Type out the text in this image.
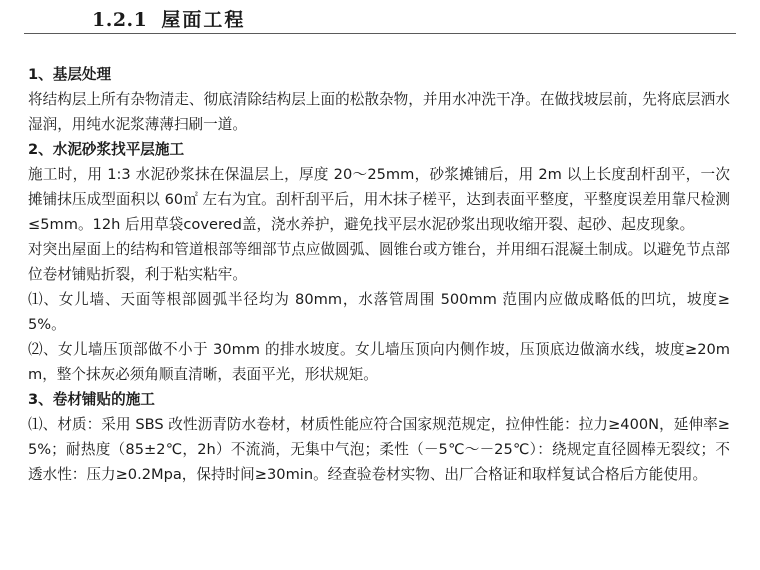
1.2.1 屋面工程

1、基层处理

将结构层上所有杂物清走、彻底清除结构层上面的松散杂物，并用水冲洗干净。在做找坡层前，先将底层洒水湿润，用纯水泥浆薄薄扫刷一道。

2、水泥砂浆找平层施工

施工时，用 1:3 水泥砂浆抹在保温层上，厚度 20～25mm，砂浆摊铺后，用 2m 以上长度刮杆刮平，一次摊铺抹压成型面积以 60㎡ 左右为宜。刮杆刮平后，用木抹子槎平，达到表面平整度，平整度误差用靠尺检测≤5mm。12h 后用草袋covered盖，浇水养护，避免找平层水泥砂浆出现收缩开裂、起砂、起皮现象。

对突出屋面上的结构和管道根部等细部节点应做圆弧、圆锥台或方锥台，并用细石混凝土制成。以避免节点部位卷材铺贴折裂，利于粘实粘牢。

⑴、女儿墙、天面等根部圆弧半径均为 80mm，水落管周围 500mm 范围内应做成略低的凹坑，坡度≥5%。

⑵、女儿墙压顶部做不小于 30mm 的排水坡度。女儿墙压顶向内侧作坡，压顶底边做滴水线，坡度≥20mm，整个抹灰必须角顺直清晰，表面平光，形状规矩。

3、卷材铺贴的施工

⑴、材质：采用 SBS 改性沥青防水卷材，材质性能应符合国家规范规定，拉伸性能：拉力≥400N，延伸率≥5%；耐热度（85±2℃，2h）不流淌，无集中气泡；柔性（－5℃～－25℃）：绕规定直径圆棒无裂纹；不透水性：压力≥0.2Mpa，保持时间≥30min。经查验卷材实物、出厂合格证和取样复试合格后方能使用。
